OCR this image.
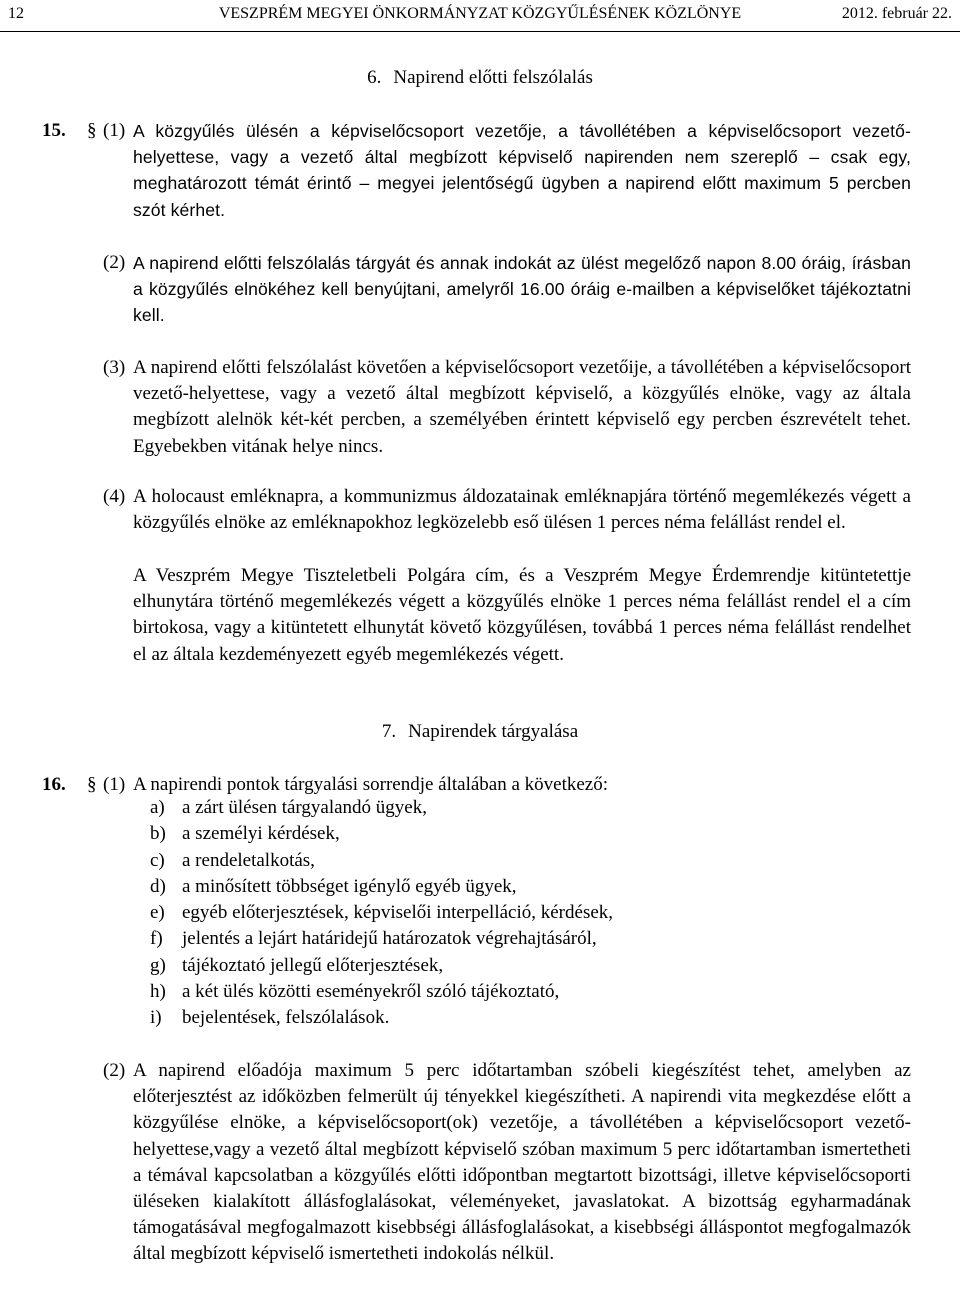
VESZPRÉM MEGYEI ÖNKORMÁNYZAT KÖZGYŰLÉSÉNEK KÖZLÖNYE
12	2012. február 22.
6. Napirend előtti felszólalás
15. § (1) A közgyűlés ülésén a képviselőcsoport vezetője, a távollétében a képviselőcsoport vezető-helyettese, vagy a vezető által megbízott képviselő napirenden nem szereplő – csak egy, meghatározott témát érintő – megyei jelentőségű ügyben a napirend előtt maximum 5 percben szót kérhet.
(2) A napirend előtti felszólalás tárgyát és annak indokát az ülést megelőző napon 8.00 óráig, írásban a közgyűlés elnökéhez kell benyújtani, amelyről 16.00 óráig e-mailben a képviselőket tájékoztatni kell.
(3) A napirend előtti felszólalást követően a képviselőcsoport vezetőije, a távollétében a képviselőcsoport vezető-helyettese, vagy a vezető által megbízott képviselő, a közgyűlés elnöke, vagy az általa megbízott alelnök két-két percben, a személyében érintett képviselő egy percben észrevételt tehet. Egyebekben vitának helye nincs.
(4) A holocaust emléknapra, a kommunizmus áldozatainak emléknapjára történő megemlékezés végett a közgyűlés elnöke az emléknapokhoz legközelebb eső ülésen 1 perces néma felállást rendel el.
A Veszprém Megye Tiszteletbeli Polgára cím, és a Veszprém Megye Érdemrendje kitüntetettje elhunytára történő megemlékezés végett a közgyűlés elnöke 1 perces néma felállást rendel el a cím birtokosa, vagy a kitüntetett elhunytát követő közgyűlésen, továbbá 1 perces néma felállást rendelhet el az általa kezdeményezett egyéb megemlékezés végett.
7. Napirendek tárgyalása
16. § (1) A napirendi pontok tárgyalási sorrendje általában a következő:
a) a zárt ülésen tárgyalandó ügyek,
b) a személyi kérdések,
c) a rendeletalkotás,
d) a minősített többséget igénylő egyéb ügyek,
e) egyéb előterjesztések, képviselői interpelláció, kérdések,
f) jelentés a lejárt határidejű határozatok végrehajtásáról,
g) tájékoztató jellegű előterjesztések,
h) a két ülés közötti eseményekről szóló tájékoztató,
i) bejelentések, felszólalások.
(2) A napirend előadója maximum 5 perc időtartamban szóbeli kiegészítést tehet, amelyben az előterjesztést az időközben felmerült új tényekkel kiegészítheti. A napirendi vita megkezdése előtt a közgyűlése elnöke, a képviselőcsoport(ok) vezetője, a távollétében a képviselőcsoport vezető-helyettese,vagy a vezető által megbízott képviselő szóban maximum 5 perc időtartamban ismertetheti a témával kapcsolatban a közgyűlés előtti időpontban megtartott bizottsági, illetve képviselőcsoporti üléseken kialakított állásfoglalásokat, véleményeket, javaslatokat. A bizottság egyharmadának támogatásával megfogalmazott kisebbségi állásfoglalásokat, a kisebbségi álláspontot megfogalmazók által megbízott képviselő ismertetheti indokolás nélkül.
